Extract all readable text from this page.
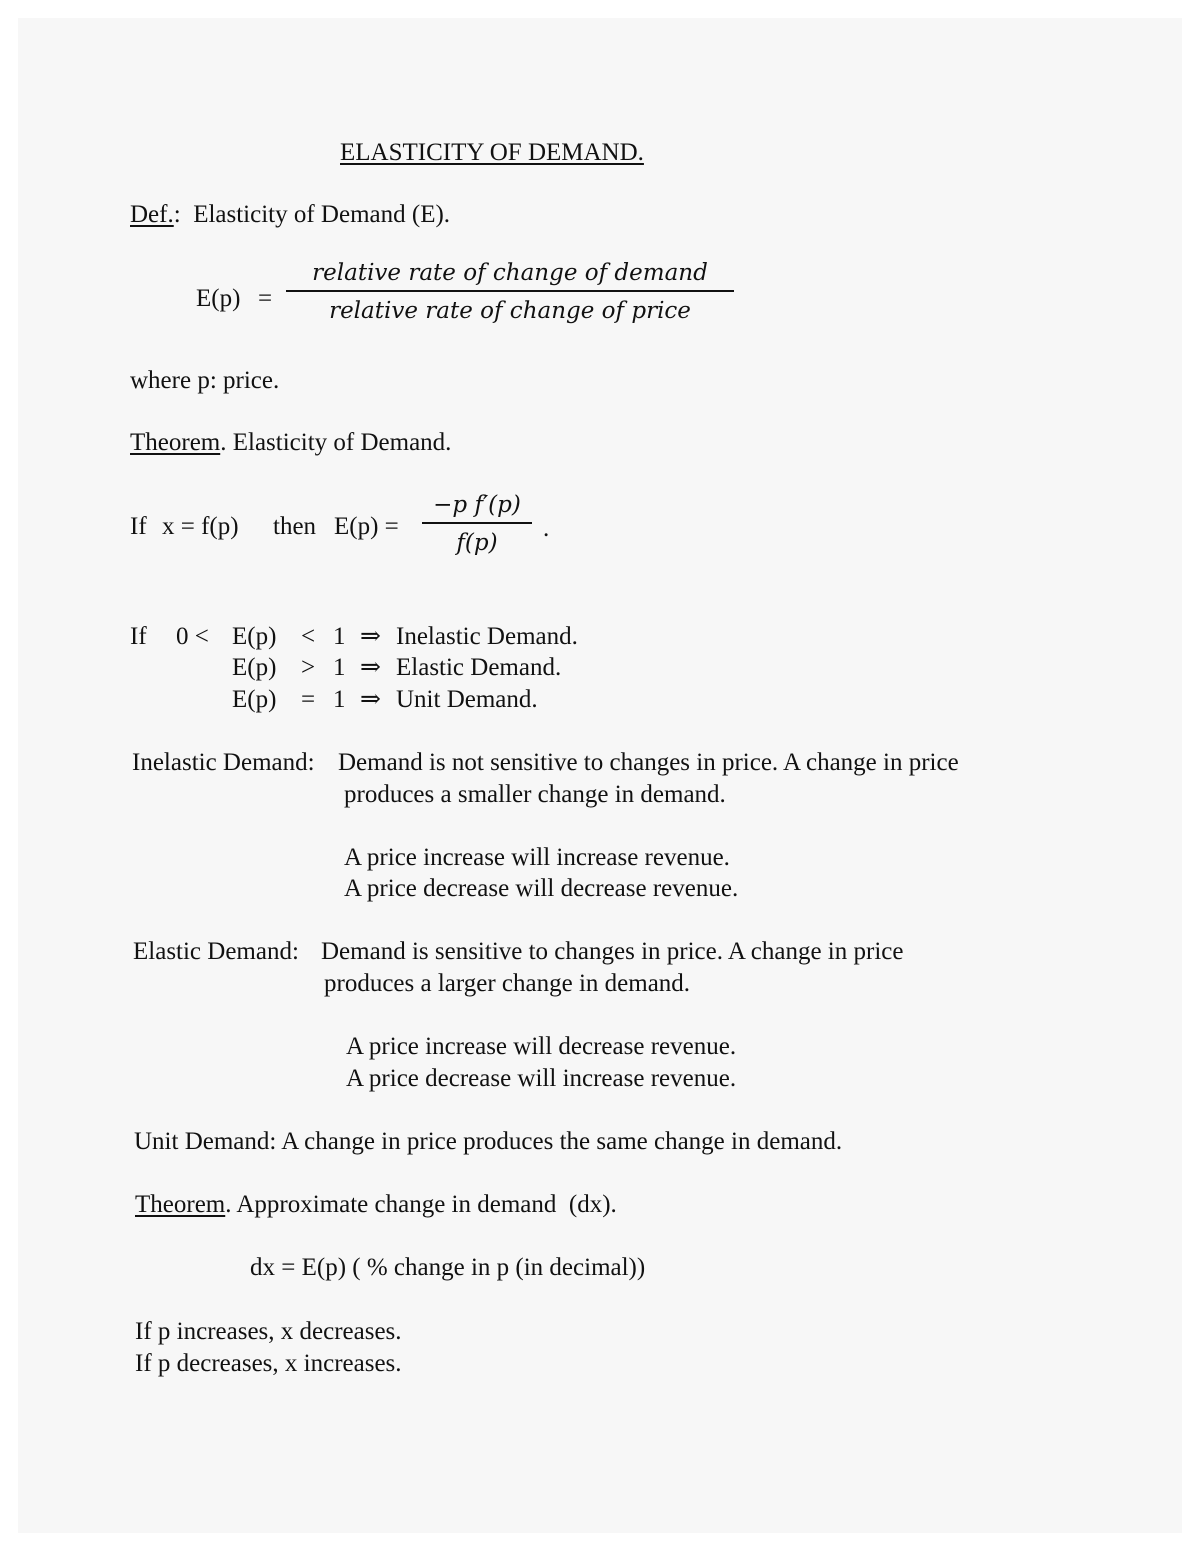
ELASTICITY OF DEMAND.
Def.: Elasticity of Demand (E).
E(p) =
relative rate of change of demand
relative rate of change of price
where p: price.
Theorem. Elasticity of Demand.
If x = f(p) then E(p) =
−p f′(p)
f(p)
.
If 0 < E(p) < 1 ⇒ Inelastic Demand.
E(p) > 1 ⇒ Elastic Demand.
E(p) = 1 ⇒ Unit Demand.
Inelastic Demand: Demand is not sensitive to changes in price. A change in price
produces a smaller change in demand.
A price increase will increase revenue.
A price decrease will decrease revenue.
Elastic Demand: Demand is sensitive to changes in price. A change in price
produces a larger change in demand.
A price increase will decrease revenue.
A price decrease will increase revenue.
Unit Demand: A change in price produces the same change in demand.
Theorem. Approximate change in demand  (dx).
dx = E(p) ( % change in p (in decimal))
If p increases, x decreases.
If p decreases, x increases.
